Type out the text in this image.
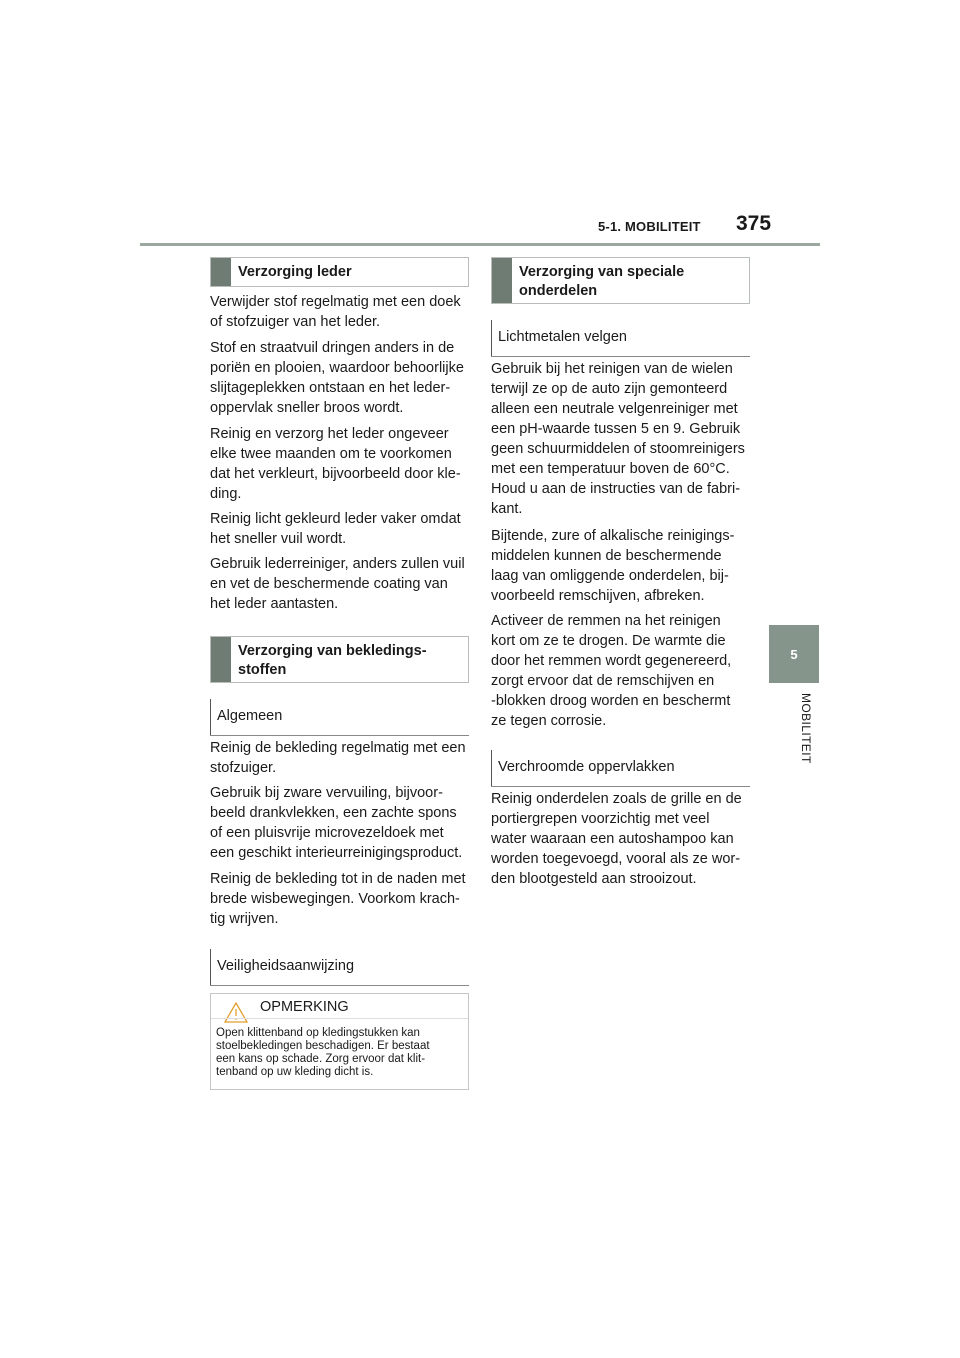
5-1. MOBILITEIT 375
5
MOBILITEIT
Verzorging leder
Verwijder stof regelmatig met een doek
of stofzuiger van het leder.
Stof en straatvuil dringen anders in de
poriën en plooien, waardoor behoorlijke
slijtageplekken ontstaan en het leder-
oppervlak sneller broos wordt.
Reinig en verzorg het leder ongeveer
elke twee maanden om te voorkomen
dat het verkleurt, bijvoorbeeld door kle-
ding.
Reinig licht gekleurd leder vaker omdat
het sneller vuil wordt.
Gebruik lederreiniger, anders zullen vuil
en vet de beschermende coating van
het leder aantasten.
Verzorging van bekledings-
stoffen
Algemeen
Reinig de bekleding regelmatig met een
stofzuiger.
Gebruik bij zware vervuiling, bijvoor-
beeld drankvlekken, een zachte spons
of een pluisvrije microvezeldoek met
een geschikt interieurreinigingsproduct.
Reinig de bekleding tot in de naden met
brede wisbewegingen. Voorkom krach-
tig wrijven.
Veiligheidsaanwijzing
OPMERKING
Open klittenband op kledingstukken kan
stoelbekledingen beschadigen. Er bestaat
een kans op schade. Zorg ervoor dat klit-
tenband op uw kleding dicht is.
Verzorging van speciale
onderdelen
Lichtmetalen velgen
Gebruik bij het reinigen van de wielen
terwijl ze op de auto zijn gemonteerd
alleen een neutrale velgenreiniger met
een pH-waarde tussen 5 en 9. Gebruik
geen schuurmiddelen of stoomreinigers
met een temperatuur boven de 60°C.
Houd u aan de instructies van de fabri-
kant.
Bijtende, zure of alkalische reinigings-
middelen kunnen de beschermende
laag van omliggende onderdelen, bij-
voorbeeld remschijven, afbreken.
Activeer de remmen na het reinigen
kort om ze te drogen. De warmte die
door het remmen wordt gegenereerd,
zorgt ervoor dat de remschijven en
-blokken droog worden en beschermt
ze tegen corrosie.
Verchroomde oppervlakken
Reinig onderdelen zoals de grille en de
portiergrepen voorzichtig met veel
water waaraan een autoshampoo kan
worden toegevoegd, vooral als ze wor-
den blootgesteld aan strooizout.
